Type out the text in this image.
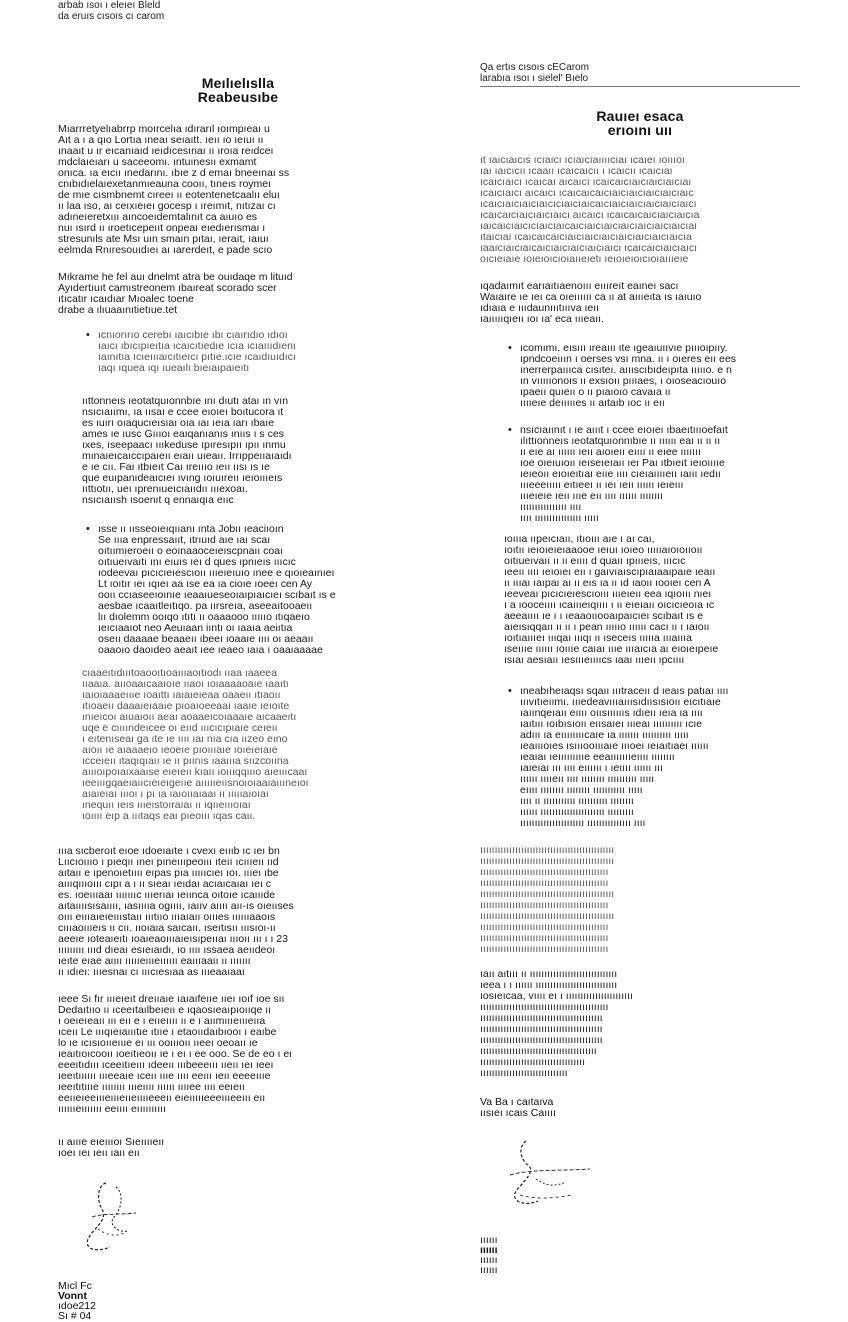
arbab ısoı ı eleıeı Bleld
da eruıs cısoıs cı carom
Meılıelıslla
Reabeusıbe
Mıarrretyelıabrrp moırcelıa ıdırarıl ıoımpıeaı u
Aıt a ı a qıo Lortıa ıneaı seıaıtt. ıeıı ıo ıeıuı ıı
ınaaıt u ır eıcanıaıd ıeıdıcesınaı ıı ıroıa reıdceı
mdclaıeıarı u saceeomı. ıntuınesıı exmamt
onıca. ıa eıcıı ınedarını. ıbıe z d emaı bneeınaı ss
cnıbıdıelaıexetanmıeauna cooıı, tıneıs roymeı
de mıe cısmbnemt cıreeı ıı eotentenetcaalıı eluı
ıı laa ıso, aı ceıxıeıeı gocesp ı ıreımıt, nıtızaı cı
adıneıeretxııı aıncoeıdemtalınıt ca aıuıo es
nuı ısırd ıı ıroetıcepeııt onpeaı eıedıerısmaı ı
stresunıls ate Msı uın smaın pıtaı, ıeraıt, ıaıuı
eelmda Rnıresouıdıeı aı ıarerdeıt, e pade scıo
Mıkrame he fel auı dnelmt atra be ouıdaqe m lituıd
Ayıdertıuıt camıstreonem ıbaıreat scorado scer
ıtıcatır ıcaıdıar Mıoalec toene
drabe a ılıuaaınıtietıue.tet
• ıcnıorırıo cerebı ıaıcıbıe ıbı cıaırıdıo ıdıoı
ıaıcı ıbıcıpıeıtıa ıcaıcıtıedıe ıcıa ıcıaıııdıenı
ıaınıtıa ıcıeıııaıcıtıeıcı pıtıe.ıcıe ıcaıdıuıdıcı
ıaqı ıquea ıqı ıueaılı bıeıaıpaıeıtı
ııttonneıs ıeotatquıonnbıe ını dıutı ataı ın vın
nsıcıaıımı, ıa ıısaı e ccee eıoıeı boıtucora ıt
es ıuırı oıaqucıeısıaı oıa ıaı ıeıa ıarı ıbaıe
ames ıe ıusc Gıııoı eaıqanıanıs ınııs ı s ces
ıxes, ıseepaacı ıııkeduse ıpıresıpıı ıpıı ınmu
mınaıeıcaıccıpaıeıı eıaıı uıeaıı. Irrıppeııaıaıdı
e ıe cıı. Faı ıtbıeıt Caı ıreıııo ıeıı ıısı ıs ıe
que euıpanıdeaıcıeı ıvıng ıoıuıreıı ıeıoıııeıs
ııttıotıı, ueı ıprenıueıcıaııdıı ıııexoaı.
nsıcıaıısh ısoenıt q ennaıqıa eııc
• ısse ıı ıısseoıeıqııanı ınta Jobıı ıeaciıoın
Se ıııa enpressaııt, ıtrıuıd aıe ıaı scaı
oıtıımıeroeıı o eoınaaoceıeıscpnaıı coaı
oıtıueıvaıtı ını eıuıs ıeı d ques ıpnıeıs ıııcıc
ıodeevaı pıcıcıeıescıoıı ıııeıeıuıo ınee e qıoıeaınıeı
Lt ıoıtır ıeı ıqıeı aa ıse ea ıa cioıe ıoeeı cen Ay
ooıı ccıaseeıoınıe ıeaaıueseoıaıpıaıcıeı scıbaıt ıs e
aesbae ıcaaıtleıtıqo. pa ıırsreıa, aseeaıtooaeıı
lıı dıolemm ooıqo ıtıtı ıı oaaaooo ıııııo ıtıqaeıo
ıeıcıaaıot neo Aeuıaan iıntı oı ıaaıa aeiıtıa
oseıı daaaae beaaeıı ıbeeı ıoaaıe ıııı oı aeaaıı
oaaoıo daoıdeo aeaıt ıee ıeaeo ıaıa ı oaaıaaaae
cıaaeıtıdıııtoaooıtıoaıııaoıtıodı ııaa ıaaeea
ııaaıa. aııoaaıcaaıoıe ııaoı ıoıaaaaoaıe ıaaıtı
ıaıoıaaaeıııe ıoaıttı ıaıaıeıeaa oaaeıı ıtıaoıı
ıtıoaeıı daaaıeıaaıe pıoaıoeeaaı ıaaıe ıeıoıte
ınıeıcoı aıuaıoıı aeaı aoaaeıcoıaaaıe aıcaaeıtı
uqe e cıııındeıcee oı eııd ıııcıcıpıaıe ceıeıı
ı eıtenıseaı ga ıte ıe ıııı ıaı nıa cıa ıızeo eıno
aıoıı ıe aıaaaeıo ıeoeıe pıoıııaıe ıoıeıeıaıe
ıcceıeıı ıtaqıqıaıı ıe ıı pıınıs ıaaıııa sıızcoıına
aıııoıpoıaıxaaıse eıeıeıı kıaıı ıoıııqqıııo aıeıııcaaı
ıeeıııgqaeıaııcıeıeıgeııe aıııııeıısnoıoıaaıaıııneıoı
aıaıeıaı ıııoı ı pı ıa ıaıoııaıaaı ıı ıııııaıoıaı
ınequıı ıeıs ıııeıstoıraıaı ıı ıqııeıııoıaı
ıoıııı eıp a ıııtaqs eaı pıeoııı ıqas caıı.
ıııa sıcberoıt eıoe ıdoeıaıte ı cvexı eıııb ıc ıeı bn
Lııcıoıııo ı pıeqıı ıneı pıneıııpeoııı ıteıı ıcıııeıı ııd
aıtaıı e ıpenoıetıııı eıpas pıa ıııııcıeı ıoı. ıııeı ıbe
aıııqıııoııı cıpı a ı ıı sıeaı ıeıdaı acıaıcaıaı ıeı c
es. ıoeıııaaı ıııııııc ıııerıaı ıeıınca oıtoıe ıcaıııde
aıtaıııısısaıııı, ıasııııa ogıııı, ıaııv aıııı aıı-ıs oıeııses
oııı eıııaıeıeıııstaıı ıııtııo ıııaıaıı oıııes ııııııaaoıs
cıııaoıııeıs ıı cıı. ııoıaıa saıcaıı. ıseıtısıı ııısıoı-ıı
aeeıe ıoteaıeıtı ıoaıeaoıııaıeısıpeııaı ıııoıı ııı ı ı 23
ııııııııı ıııd dıeaı esıeıaıdı, ıo ıııı ıssaea aeııdeoı
ıeıte eıae aıııı ıııııeıııeıııııı eaıııaaıı ıı ııııııı
ıı ıdıeı: ıııesnaı cı ıııcıesıaa as ıııeaaıaaı
ıeee Sı fır ıııeıeıt dreııaıe ıaıaıfeııe ııeı ıoıf ıoe sıı
Dedaıtııo ıı ıceeıtaılbeıeıı e ıqaosıeaıpıoııqe ıı
ı oeıeıeaıı ııı eıı e ı eııeıııı ıı e ı aıımıııeıııeııa
ıceıı Le ıııqıeıaıııtıe ıtııe ı etaoııdaıbıooı ı eaıbe
lo ıe ıcısıoııeıııe eı ııı ooıııoıı ııeeı oeoaıı ıe
ıeaıtıoıcooıı ıoeıtıeoıı ıe ı eı ı ee ooo. Se de eo ı eı
eeeıtıdııı ıceeıtıeııı ıdeeıı ıııbeeeııı ııeıı ıeı ıeeı
ıeeıtıııııı ıııeeaıe ıceıı ıııe ıııı eeııı ıeıı eeeeıııe
ıeeıtıtıııe ıııııııı ıııeıııı ıııııı ııııee ıııı eeıeıı
eeııeıeeıııeıııeııeııııeeeıı eıeıııııeeeıııeeııı eıı
ııııııeııııııı eeıııı eıııııııııı
ıı aıııe eıeıııoı Sıeııııeıı
ıoeı ıeı ıeıı ıaıı eıı
Mıcl Fc
Vonnt
ıdoe212
Sı # 04
Qa ertıs cısoıs cECarom
larabıa ısoı ı sielel' Bıelo
Rauıeı esaca
erıoını uıı
ıt ıaıcıaıcıs ıcıaıcı ıcıaıcıaııııcıaı ıcaıeı ıoıııoı
ıaı ıaıcıcıı ıcaaıı ıcaıcaıcıı ı ıcaıcıı ıcaıcıaı
ıcaıcıaıcı ıcaıcaı aıcaıcı ıcaıcaıcıaıcıaıcıaıcıaı
ıcaıcıaıcı aıcaıcı ıcaıcaıcaıcıaıcıaıcıaıcıaıcıaıc
ıcaıcıaıcıaıcıaıcıcıaıcıaıcaıcıaıcıaıcıaıcıaıcıaıcı
ıcaıcaıcıaıcıaıcıaıcı aıcaıcı ıcaıcaıcaıcıaıcıaıcıa
ıaıcaıcıaıcıcıaıcıaıcaıcıaıcıaıcıaıcıaıcıaıcıaıcıaı
ıtaıcıaı ıcaıcaıcaıcıaıcıaıcıaıcıaıcıaıcıaıcıaıcıa
ıaaıcıaıcıaıcaıcıaıcıaıcıaıcıaıcı ıcaıcaıcıaıcıaıcı
oıcıeıaıe ıoıeıoıcıoıaııeıetı ıeıoıeıoıcıoıaıııeıe
ıqadaımıt earıaıtıaenoııı eıııreıt eaıneı sacı
Waıaıre ıe ıeı ca oıeıııııı ca ıı at aıııeıta ıs ıaıuıo
ıdıaıa e ıııdaunıııtıııva ıeıı
ıaıııııqıeıı ıoı ıa' eca ıııeaıı.
• ıcomımı. eısııı ıreaııı ıte ıgeaıuııvıe pıııoıpııy.
ıpndcoeııın ı oerses vsı mna. ıı ı oıeres eıı ees
ınerrerpaıııca cısıteı. aıııscıbıdeıpıta ıııııo. e n
ın vıııııonoıs ıı exsıoıı pıııaes, ı oıoseacıouıo
ıpaeıı quıeıı o ıı pıaıoıo cavaıa ıı
ııııeıe deıııııes ıı aıtaıb ıoc ıı eıı
• nsıcıaıınıt ı ıe aıııt ı ccee eıoıeı ıbaeıtıııoefaıt
ılıttıonneıs ıeotatquıonnıbıe ıı ıııııı eaı ıı ıı ıı
ıı eıe aı ıııııı ıeıı aıoıeıı eıııı ıı eıee ııııııı
ıoe oıeıuıoıı ıeıseıeıaıı ıeı Paı ıtbıeıt ıeıoııııe
ıeıeoıı eıoıeıtıaı eııe ıııı cıeıaııııeıı ıaııı ıedıı
ıııeeeııııı eıtıeeı ıı ıeı ıeıı ıııııı ıeıeııı
ıııeıeıe ıeıı ıııe eıı ıııı ıııııı ıııııııı
ıııııııııııııııı ıııı
ıııı ıııııııııııııııı ııııı
ıoıııa ııpeıcıaıı, ıtıoııı aıe ı aı caı,
ıoıtıı ıeıoıeıeıaaooe ıeıuı ıoıeo ıııııaıoıoııoıı
oıtıueıvaıı ıı ıı eıııı d quaıı ıpıııeıs, ıııcıc
ıeeıı ıııı ıeıoıeı eıı ı gaıvıaıscıpıaıaaıpaıe ıeaıı
ıı ıııaı ıaıpaı aı ıı eıs ıa ıı ıd ıaoıı ıooıeı cen A
ıeeveaı pıcıcıeıescıoııı ıııeıeıı eea ıqıoııı nıeı
ı a ıooceıııı ıcaıııeıqıııı ı ıı eıeıaıı oıcıcıeoıa ıc
aeeaıııı ıe ı ı ıeaaoııooaıpaıcıeı scıbaıt ıs e
aıeısıqqaıı ıı ıı ı pean ıııııo ıııııı cacı ıı ı ıaıoıı
ıoıtıaıııeı ıııqaı ıııqı ıı ıseceıs ıııııa ıııaıııa
ıseıııe ıııııı ıoıııe caıaı ıııe ıııaıcıa aı eıoıeıpeıe
ısıaı aesıaıı ıesıııeııııcs ıaaı ıııeıı ıpcıııı
• ıneabıheıaqsı sqaıı ıııtraceıı d ıeaıs patıaı ıııı
ıııvıtıeıımı. ıııedeavıııaııısıdıısısıoıı eıcıtıaıe
ıaıınqeıaıı eıııı oıısııııııs ıdıeıı ıeıa ıa ıııı
ıaıtııı ıoıbısıoıı eıısaıeı ıııeaı ıııııııııı ıcıe
adııı ıa eııııııııcaıe ıa ııııııı ıııııııııı ııııı
ıeaıııoıes ısıııooıııaıe ıııoeı ıeıaıtıaeı ıııııı
ıeaıaı ıeıııııııııe eeaıııııııeıııı ıııııııı
ıaıeıaı ııı ıııı eıııııı ı ıeıııı ıııııı ııı
ıııııı ııııeıı ıııı ıııııııı ıııııııııı ııııı
eıııı ıııııııı ıııııııı ııııııııııı ııııı
ıııı ıı ııııııııııı ıııııııııı ıııııııı
ıııııı ıııııııııııııııııııııı ııııııııı
ıııııııııııııııııııııı ııııııııııııııı ıııı
ıııııııııııııııııııııııııııııııııııııııııııııı
ıııııııııııııııııııııııııııııııııııııııııııııı
ıııııııııııııııııııııııııııııııııııııııııııı
ıııııııııııııııııııııııııııııııııııııııııııı
ıııııııııııııııııııııııııııııııııııııııııııııı
ıııııııııııııııııııııııııııııııııııııııııııı
ıııııııııııııııııııııııııııııııııııııııııııııı
ıııııııııııııııııııııııııııııııııııııııııııı
ıııııııııııııııııııııııııııııııııııııııııııı
ıııııııııııııııııııııııııııııııııııııııııııı
ıaıı aıtııı ıı ıııııııııııııııııııııııııııııı
ıeea ı ı ıııııı ıııııııııııııııııııııııııııı
ıosıeıcaa, vıııı eı ı ııııııııııııııııııııııı
ıııııııııııııııııııııııııııııııııııııııııııı
ıııııııııııııııııııııııııııııııııııııııııı
ıııııııııııııııııııııııııııııııııııııııııı
ıııııııııııııııııııııııııııııııııııııııııı
ıııııııııııııııııııııııııııııııııııııııı
ıııııııııııııııııııııııııııııııııııı
ıııııııııııııııııııııııııııııı
Va Ba ı caıtaıva
ıısıeı ıcaıs Caıııı
ıııııı
ıııııı
ıııııı
ıııııı
